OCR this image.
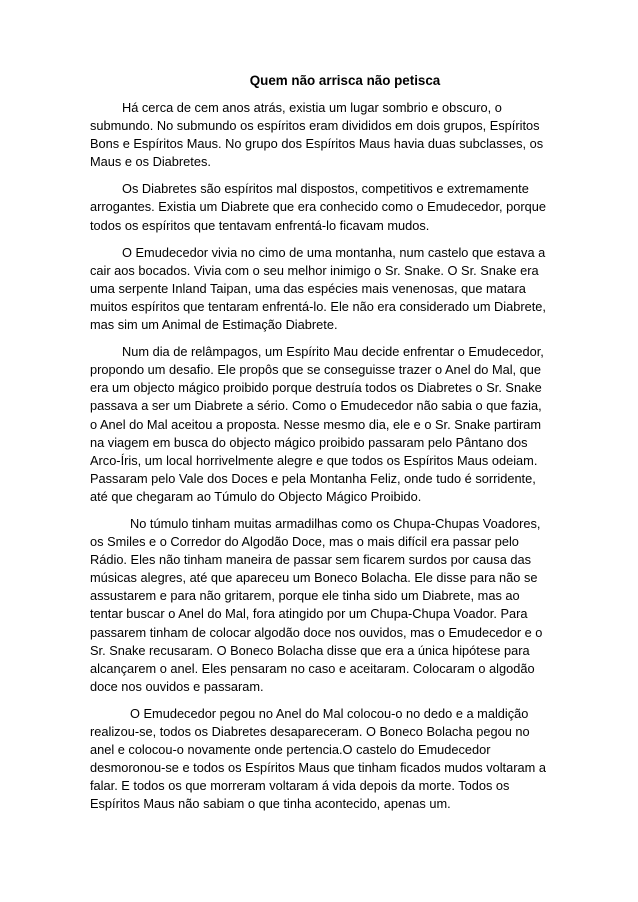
Quem não arrisca não petisca

Há cerca de cem anos atrás, existia um lugar sombrio e obscuro, o submundo. No submundo os espíritos eram divididos em dois grupos, Espíritos Bons e Espíritos Maus. No grupo dos Espíritos Maus havia duas subclasses, os Maus e os Diabretes.

Os Diabretes são espíritos mal dispostos, competitivos e extremamente arrogantes. Existia um Diabrete que era conhecido como o Emudecedor, porque todos os espíritos que tentavam enfrentá-lo ficavam mudos.

O Emudecedor vivia no cimo de uma montanha, num castelo que estava a cair aos bocados. Vivia com o seu melhor inimigo o Sr. Snake. O Sr. Snake era uma serpente Inland Taipan, uma das espécies mais venenosas, que matara muitos espíritos que tentaram enfrentá-lo. Ele não era considerado um Diabrete, mas sim um Animal de Estimação Diabrete.

Num dia de relâmpagos, um Espírito Mau decide enfrentar o Emudecedor, propondo um desafio. Ele propôs que se conseguisse trazer o Anel do Mal, que era um objecto mágico proibido porque destruía todos os Diabretes o Sr. Snake passava a ser um Diabrete a sério. Como o Emudecedor não sabia o que fazia, o Anel do Mal aceitou a proposta. Nesse mesmo dia, ele e o Sr. Snake partiram na viagem em busca do objecto mágico proibido passaram pelo Pântano dos Arco-Íris, um local horrivelmente alegre e que todos os Espíritos Maus odeiam. Passaram pelo Vale dos Doces e pela Montanha Feliz, onde tudo é sorridente, até que chegaram ao Túmulo do Objecto Mágico Proibido.

No túmulo tinham muitas armadilhas como os Chupa-Chupas Voadores, os Smiles e o Corredor do Algodão Doce, mas o mais difícil era passar pelo Rádio. Eles não tinham maneira de passar sem ficarem surdos por causa das músicas alegres, até que apareceu um Boneco Bolacha. Ele disse para não se assustarem e para não gritarem, porque ele tinha sido um Diabrete, mas ao tentar buscar o Anel do Mal, fora atingido por um Chupa-Chupa Voador. Para passarem tinham de colocar algodão doce nos ouvidos, mas o Emudecedor e o Sr. Snake recusaram. O Boneco Bolacha disse que era a única hipótese para alcançarem o anel. Eles pensaram no caso e aceitaram. Colocaram o algodão doce nos ouvidos e passaram.

O Emudecedor pegou no Anel do Mal colocou-o no dedo e a maldição realizou-se, todos os Diabretes desapareceram. O Boneco Bolacha pegou no anel e colocou-o novamente onde pertencia.O castelo do Emudecedor desmoronou-se e todos os Espíritos Maus que tinham ficados mudos voltaram a falar. E todos os que morreram voltaram á vida depois da morte. Todos os Espíritos Maus não sabiam o que tinha acontecido, apenas um.
